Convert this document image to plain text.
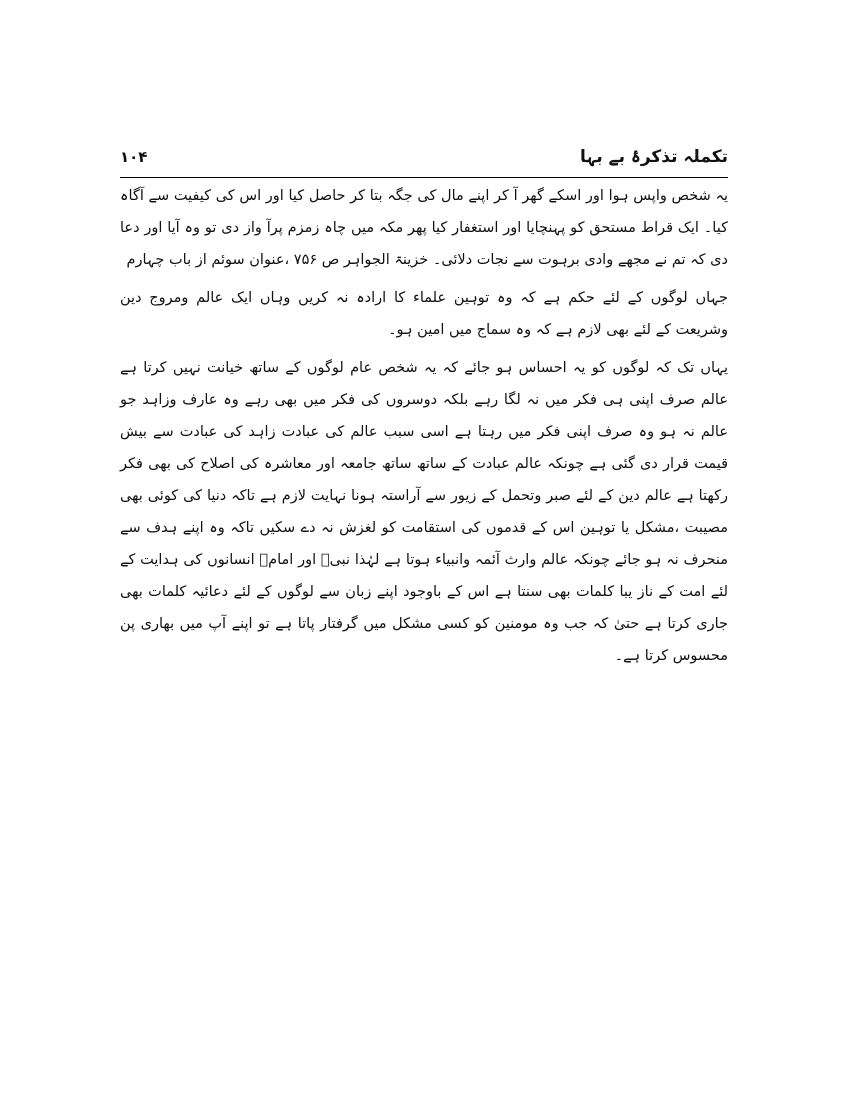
تکملہ تذکرۂ بے بہا
۱۰۴

یہ شخص واپس ہوا اور اسکے گھر آ کر اپنے مال کی جگہ بتا کر حاصل کیا اور اس کی کیفیت سے آگاہ کیا۔ ایک قراط مستحق کو پہنچایا اور استغفار کیا پھر مکہ میں چاہ زمزم پرآ واز دی تو وہ آیا اور دعا دی کہ تم نے مجھے وادی برہوت سے نجات دلائی۔ خزینۃ الجواہر ص ۷۵۶ ،عنوان سوئم از باب چہارم

جہاں لوگوں کے لئے حکم ہے کہ وہ توہین علماء کا ارادہ نہ کریں وہاں ایک عالم ومروج دین وشریعت کے لئے بھی لازم ہے کہ وہ سماج میں امین ہو۔

یہاں تک کہ لوگوں کو یہ احساس ہو جائے کہ یہ شخص عام لوگوں کے ساتھ خیانت نہیں کرتا ہے عالم صرف اپنی ہی فکر میں نہ لگا رہے بلکہ دوسروں کی فکر میں بھی رہے وہ عارف وزاہد جو عالم نہ ہو وہ صرف اپنی فکر میں رہتا ہے اسی سبب عالم کی عبادت زاہد کی عبادت سے بیش قیمت قرار دی گئی ہے چونکہ عالم عبادت کے ساتھ ساتھ جامعہ اور معاشرہ کی اصلاح کی بھی فکر رکھتا ہے عالم دین کے لئے صبر وتحمل کے زیور سے آراستہ ہونا نہایت لازم ہے تاکہ دنیا کی کوئی بھی مصیبت ،مشکل یا توہین اس کے قدموں کی استقامت کو لغزش نہ دے سکیں تاکہ وہ اپنے ہدف سے منحرف نہ ہو جائے چونکہ عالم وارث آئمہ وانبیاء ہوتا ہے لہٰذا نبیؐ اور امامؑ انسانوں کی ہدایت کے لئے امت کے ناز یبا کلمات بھی سنتا ہے اس کے باوجود اپنے زبان سے لوگوں کے لئے دعائیہ کلمات بھی جاری کرتا ہے حتیٰ کہ جب وہ مومنین کو کسی مشکل میں گرفتار پاتا ہے تو اپنے آپ میں بھاری پن محسوس کرتا ہے۔
